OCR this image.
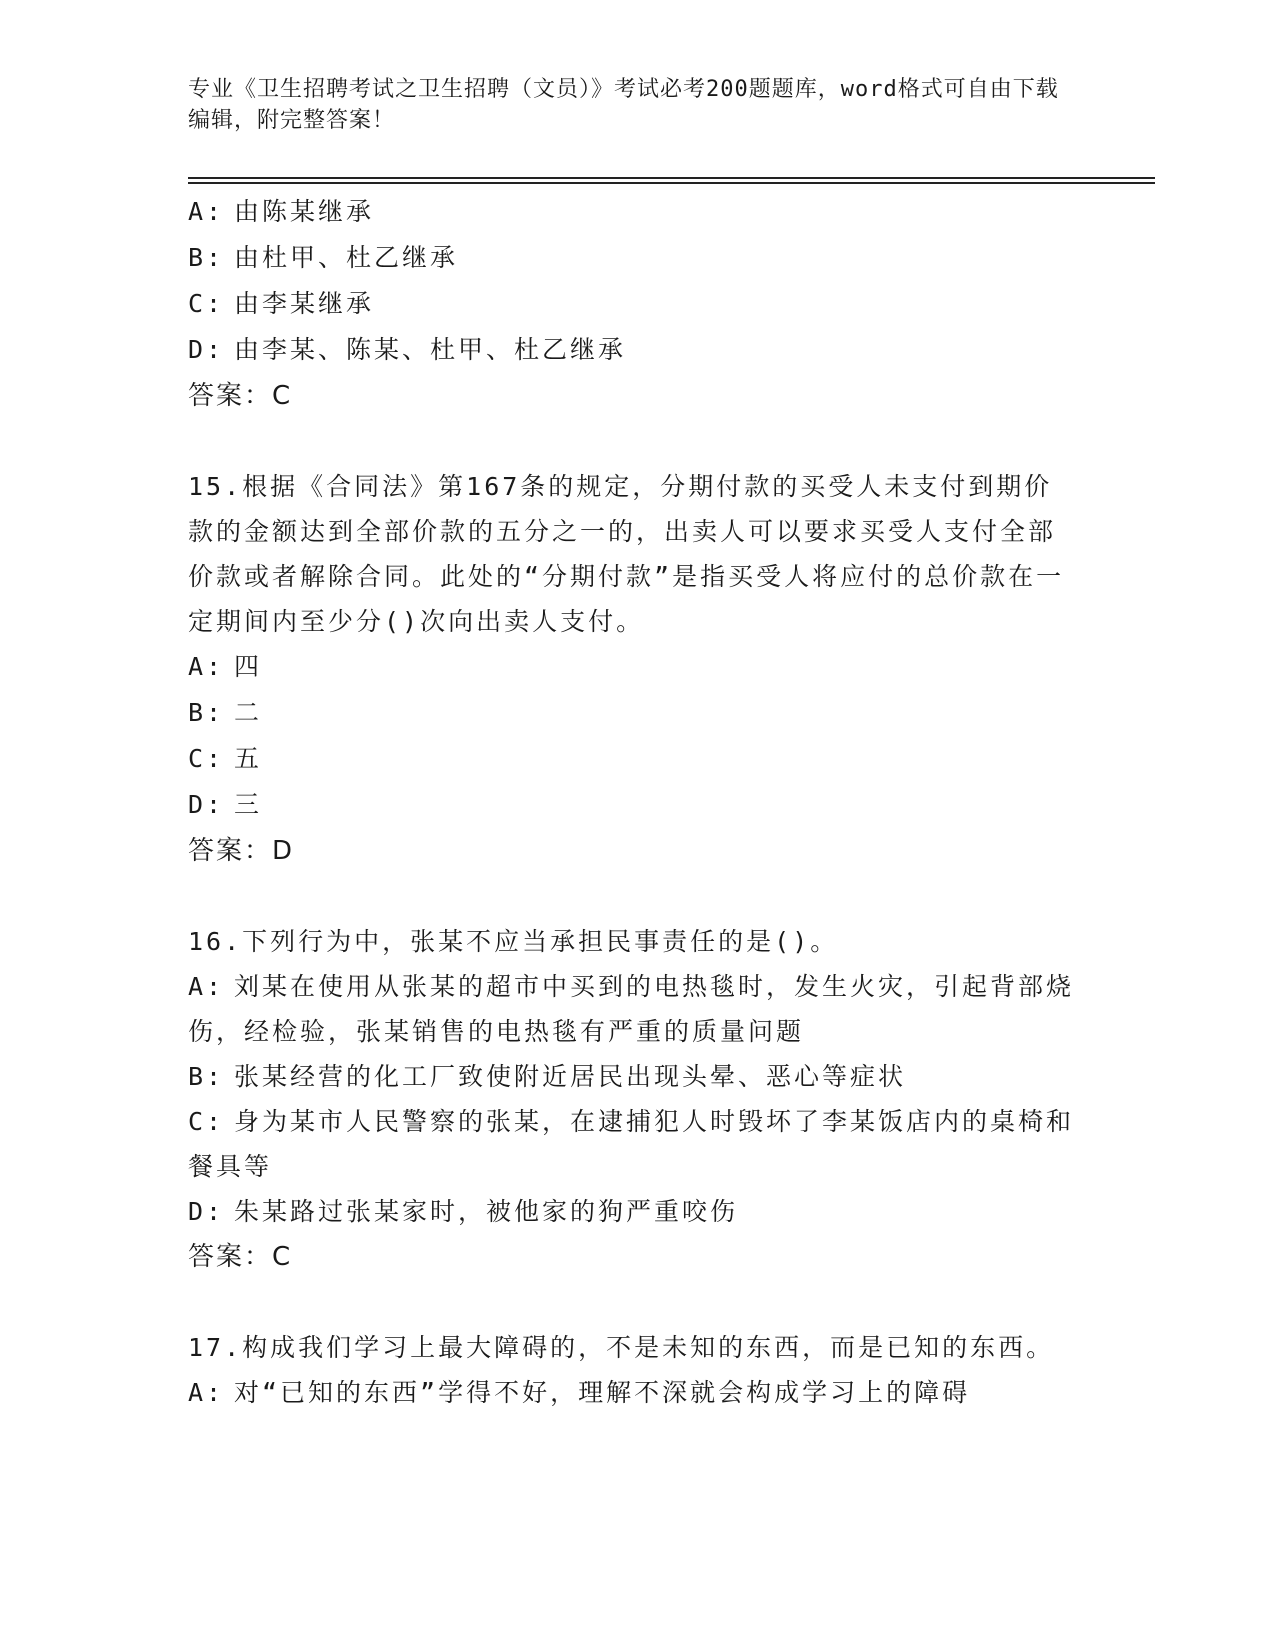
专业《卫生招聘考试之卫生招聘（文员）》考试必考200题题库，word格式可自由下载编辑，附完整答案！
A: 由陈某继承
B: 由杜甲、杜乙继承
C: 由李某继承
D: 由李某、陈某、杜甲、杜乙继承
答案：C
15.根据《合同法》第167条的规定，分期付款的买受人未支付到期价款的金额达到全部价款的五分之一的，出卖人可以要求买受人支付全部价款或者解除合同。此处的“分期付款”是指买受人将应付的总价款在一定期间内至少分()次向出卖人支付。
A: 四
B: 二
C: 五
D: 三
答案：D
16.下列行为中，张某不应当承担民事责任的是()。
A: 刘某在使用从张某的超市中买到的电热毯时，发生火灾，引起背部烧伤，经检验，张某销售的电热毯有严重的质量问题
B: 张某经营的化工厂致使附近居民出现头晕、恶心等症状
C: 身为某市人民警察的张某，在逮捕犯人时毁坏了李某饭店内的桌椅和餐具等
D: 朱某路过张某家时，被他家的狗严重咬伤
答案：C
17.构成我们学习上最大障碍的，不是未知的东西，而是已知的东西。
A: 对“已知的东西”学得不好，理解不深就会构成学习上的障碍
